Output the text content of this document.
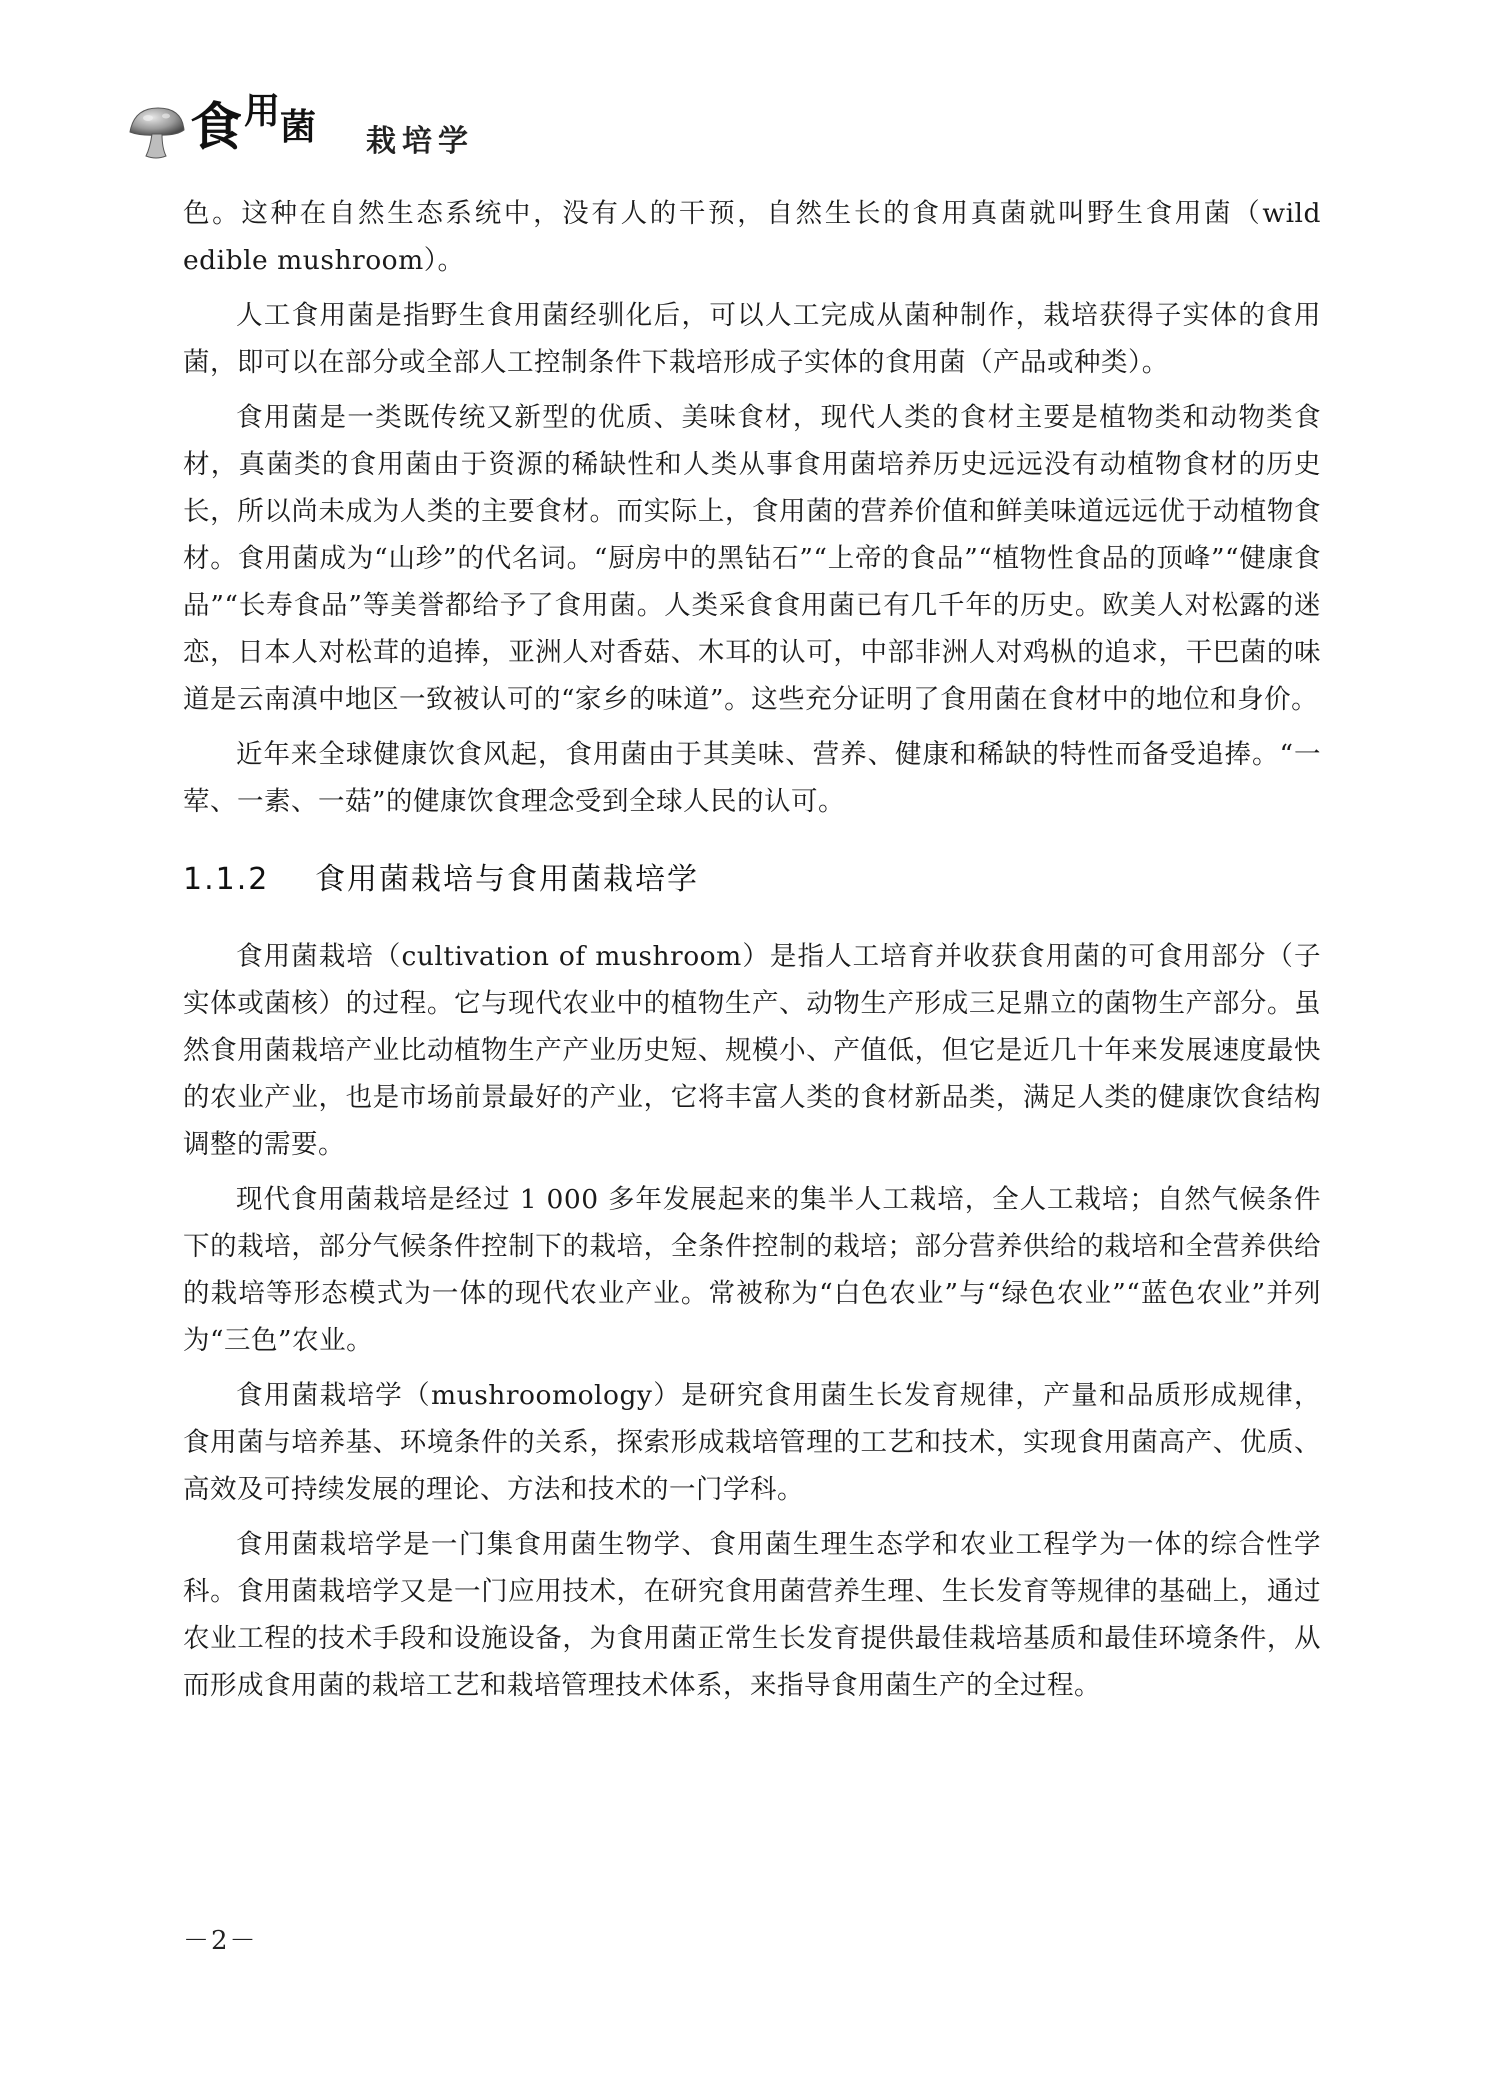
食 用 菌 栽培学

色。这种在自然生态系统中，没有人的干预，自然生长的食用真菌就叫野生食用菌（wild edible mushroom）。

人工食用菌是指野生食用菌经驯化后，可以人工完成从菌种制作，栽培获得子实体的食用菌，即可以在部分或全部人工控制条件下栽培形成子实体的食用菌（产品或种类）。

食用菌是一类既传统又新型的优质、美味食材，现代人类的食材主要是植物类和动物类食材，真菌类的食用菌由于资源的稀缺性和人类从事食用菌培养历史远远没有动植物食材的历史长，所以尚未成为人类的主要食材。而实际上，食用菌的营养价值和鲜美味道远远优于动植物食材。食用菌成为“山珍”的代名词。“厨房中的黑钻石”“上帝的食品”“植物性食品的顶峰”“健康食品”“长寿食品”等美誉都给予了食用菌。人类采食食用菌已有几千年的历史。欧美人对松露的迷恋，日本人对松茸的追捧，亚洲人对香菇、木耳的认可，中部非洲人对鸡枞的追求，干巴菌的味道是云南滇中地区一致被认可的“家乡的味道”。这些充分证明了食用菌在食材中的地位和身价。

近年来全球健康饮食风起，食用菌由于其美味、营养、健康和稀缺的特性而备受追捧。“一荤、一素、一菇”的健康饮食理念受到全球人民的认可。

1.1.2 食用菌栽培与食用菌栽培学

食用菌栽培（cultivation of mushroom）是指人工培育并收获食用菌的可食用部分（子实体或菌核）的过程。它与现代农业中的植物生产、动物生产形成三足鼎立的菌物生产部分。虽然食用菌栽培产业比动植物生产产业历史短、规模小、产值低，但它是近几十年来发展速度最快的农业产业，也是市场前景最好的产业，它将丰富人类的食材新品类，满足人类的健康饮食结构调整的需要。

现代食用菌栽培是经过 1 000 多年发展起来的集半人工栽培，全人工栽培；自然气候条件下的栽培，部分气候条件控制下的栽培，全条件控制的栽培；部分营养供给的栽培和全营养供给的栽培等形态模式为一体的现代农业产业。常被称为“白色农业”与“绿色农业”“蓝色农业”并列为“三色”农业。

食用菌栽培学（mushroomology）是研究食用菌生长发育规律，产量和品质形成规律，食用菌与培养基、环境条件的关系，探索形成栽培管理的工艺和技术，实现食用菌高产、优质、高效及可持续发展的理论、方法和技术的一门学科。

食用菌栽培学是一门集食用菌生物学、食用菌生理生态学和农业工程学为一体的综合性学科。食用菌栽培学又是一门应用技术，在研究食用菌营养生理、生长发育等规律的基础上，通过农业工程的技术手段和设施设备，为食用菌正常生长发育提供最佳栽培基质和最佳环境条件，从而形成食用菌的栽培工艺和栽培管理技术体系，来指导食用菌生产的全过程。

－2－
